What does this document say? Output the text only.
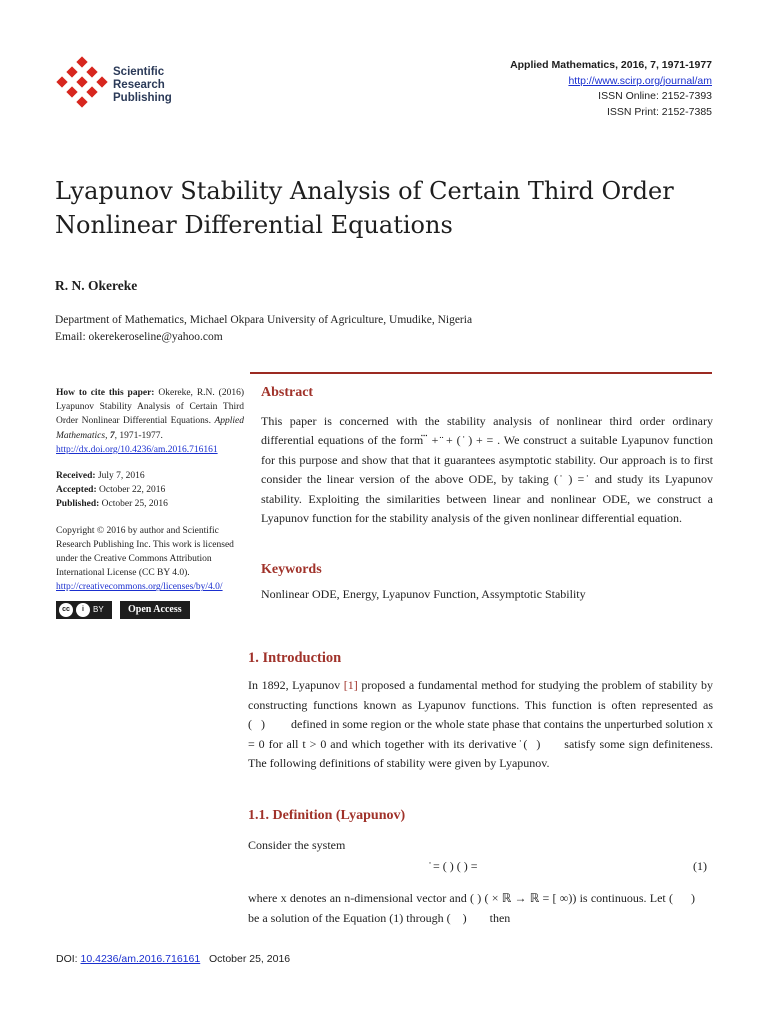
Scientific
Research
Publishing
Applied Mathematics, 2016, 7, 1971-1977
http://www.scirp.org/journal/am
ISSN Online: 2152-7393
ISSN Print: 2152-7385
Lyapunov Stability Analysis of Certain Third Order Nonlinear Differential Equations
R. N. Okereke
Department of Mathematics, Michael Okpara University of Agriculture, Umudike, Nigeria
Email: okerekeroseline@yahoo.com
How to cite this paper: Okereke, R.N. (2016) Lyapunov Stability Analysis of Certain Third Order Nonlinear Differential Equations. Applied Mathematics, 7, 1971-1977.
http://dx.doi.org/10.4236/am.2016.716161
Received: July 7, 2016
Accepted: October 22, 2016
Published: October 25, 2016
Copyright © 2016 by author and Scientific Research Publishing Inc. This work is licensed under the Creative Commons Attribution International License (CC BY 4.0).
http://creativecommons.org/licenses/by/4.0/
cc	i	BY	Open Access
Abstract
This paper is concerned with the stability analysis of nonlinear third order ordinary differential equations of the form ⃛ + ̈ + ( ̇ ) + = . We construct a suitable Lyapunov function for this purpose and show that that it guarantees asymptotic stability. Our approach is to first consider the linear version of the above ODE, by taking ( ̇ ) = ̇ and study its Lyapunov stability. Exploiting the similarities between linear and nonlinear ODE, we construct a Lyapunov function for the stability analysis of the given nonlinear differential equation.
Keywords
Nonlinear ODE, Energy, Lyapunov Function, Assymptotic Stability
1. Introduction
In 1892, Lyapunov [1] proposed a fundamental method for studying the problem of stability by constructing functions known as Lyapunov functions. This function is often represented as (   ) defined in some region or the whole state phase that contains the unperturbed solution x = 0 for all t > 0 and which together with its derivative ̇ (   ) satisfy some sign definiteness. The following definitions of stability were given by Lyapunov.
1.1. Definition (Lyapunov)
Consider the system
̇ = ( ) ( ) =	(1)
where x denotes an n-dimensional vector and ( ) ( × ℝ → ℝ = [ ∞)) is continuous. Let (      ) be a solution of the Equation (1) through (    ) then
DOI: 10.4236/am.2016.716161 October 25, 2016
